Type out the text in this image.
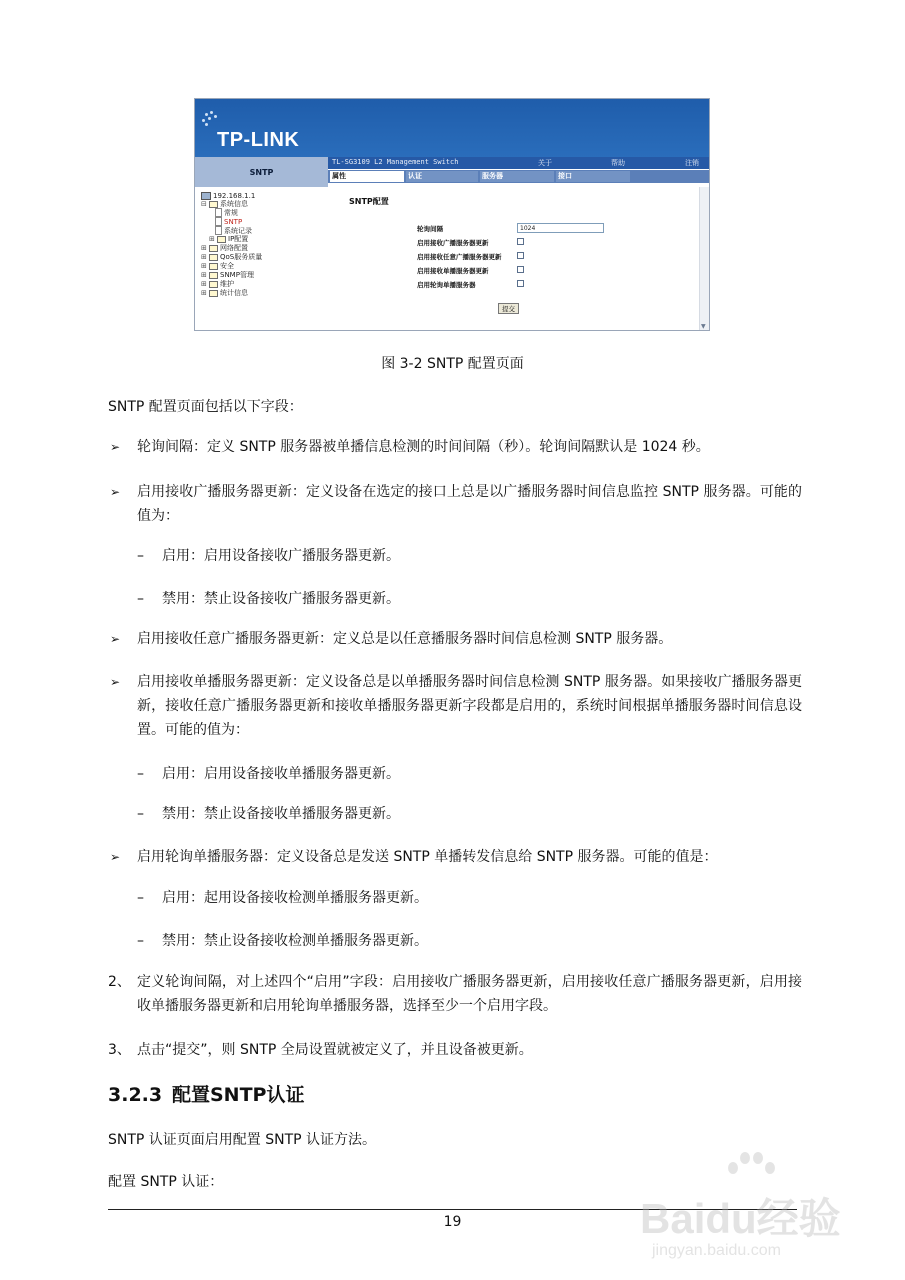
TP-LINK
SNTP
192.168.1.1
⊟ 系统信息
常规
SNTP
系统记录
⊞ IP配置
⊞ 网络配置
⊞ QoS服务质量
⊞ 安全
⊞ SNMP管理
⊞ 维护
⊞ 统计信息
TL-SG3109 L2 Management Switch	关于	帮助	注销
属性	认证	服务器	接口
SNTP配置
轮询间隔	1024
启用接收广播服务器更新
启用接收任意广播服务器更新
启用接收单播服务器更新
启用轮询单播服务器
提交
▼
图 3-2 SNTP 配置页面
SNTP 配置页面包括以下字段：
➢ 轮询间隔：定义 SNTP 服务器被单播信息检测的时间间隔（秒）。轮询间隔默认是 1024 秒。
➢ 启用接收广播服务器更新：定义设备在选定的接口上总是以广播服务器时间信息监控 SNTP 服务器。可能的值为：
– 启用：启用设备接收广播服务器更新。
– 禁用：禁止设备接收广播服务器更新。
➢ 启用接收任意广播服务器更新：定义总是以任意播服务器时间信息检测 SNTP 服务器。
➢ 启用接收单播服务器更新：定义设备总是以单播服务器时间信息检测 SNTP 服务器。如果接收广播服务器更新，接收任意广播服务器更新和接收单播服务器更新字段都是启用的，系统时间根据单播服务器时间信息设置。可能的值为：
– 启用：启用设备接收单播服务器更新。
– 禁用：禁止设备接收单播服务器更新。
➢ 启用轮询单播服务器：定义设备总是发送 SNTP 单播转发信息给 SNTP 服务器。可能的值是：
– 启用：起用设备接收检测单播服务器更新。
– 禁用：禁止设备接收检测单播服务器更新。
2、 定义轮询间隔，对上述四个“启用”字段：启用接收广播服务器更新，启用接收任意广播服务器更新，启用接收单播服务器更新和启用轮询单播服务器，选择至少一个启用字段。
3、 点击“提交”，则 SNTP 全局设置就被定义了，并且设备被更新。
3.2.3 配置SNTP认证
SNTP 认证页面启用配置 SNTP 认证方法。
配置 SNTP 认证：
19	Baidu经验
jingyan.baidu.com
